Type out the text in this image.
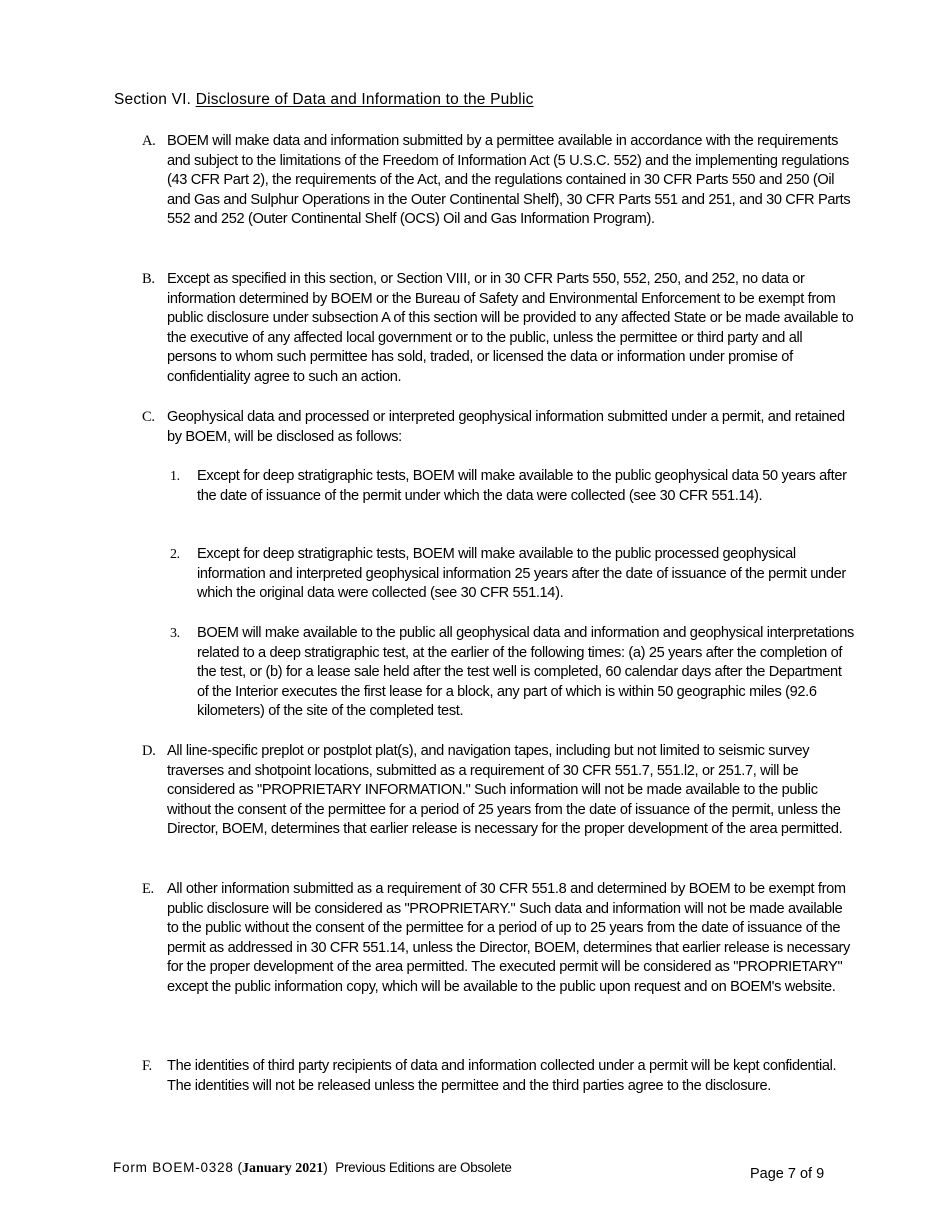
Section VI. Disclosure of Data and Information to the Public
A. BOEM will make data and information submitted by a permittee available in accordance with the requirements and subject to the limitations of the Freedom of Information Act (5 U.S.C. 552) and the implementing regulations (43 CFR Part 2), the requirements of the Act, and the regulations contained in 30 CFR Parts 550 and 250 (Oil and Gas and Sulphur Operations in the Outer Continental Shelf), 30 CFR Parts 551 and 251, and 30 CFR Parts 552 and 252 (Outer Continental Shelf (OCS) Oil and Gas Information Program).
B. Except as specified in this section, or Section VIII, or in 30 CFR Parts 550, 552, 250, and 252, no data or information determined by BOEM or the Bureau of Safety and Environmental Enforcement to be exempt from public disclosure under subsection A of this section will be provided to any affected State or be made available to the executive of any affected local government or to the public, unless the permittee or third party and all persons to whom such permittee has sold, traded, or licensed the data or information under promise of confidentiality agree to such an action.
C. Geophysical data and processed or interpreted geophysical information submitted under a permit, and retained by BOEM, will be disclosed as follows:
1. Except for deep stratigraphic tests, BOEM will make available to the public geophysical data 50 years after the date of issuance of the permit under which the data were collected (see 30 CFR 551.14).
2. Except for deep stratigraphic tests, BOEM will make available to the public processed geophysical information and interpreted geophysical information 25 years after the date of issuance of the permit under which the original data were collected (see 30 CFR 551.14).
3. BOEM will make available to the public all geophysical data and information and geophysical interpretations related to a deep stratigraphic test, at the earlier of the following times: (a) 25 years after the completion of the test, or (b) for a lease sale held after the test well is completed, 60 calendar days after the Department of the Interior executes the first lease for a block, any part of which is within 50 geographic miles (92.6 kilometers) of the site of the completed test.
D. All line-specific preplot or postplot plat(s), and navigation tapes, including but not limited to seismic survey traverses and shotpoint locations, submitted as a requirement of 30 CFR 551.7, 551.l2, or 251.7, will be considered as "PROPRIETARY INFORMATION." Such information will not be made available to the public without the consent of the permittee for a period of 25 years from the date of issuance of the permit, unless the Director, BOEM, determines that earlier release is necessary for the proper development of the area permitted.
E. All other information submitted as a requirement of 30 CFR 551.8 and determined by BOEM to be exempt from public disclosure will be considered as "PROPRIETARY." Such data and information will not be made available to the public without the consent of the permittee for a period of up to 25 years from the date of issuance of the permit as addressed in 30 CFR 551.14, unless the Director, BOEM, determines that earlier release is necessary for the proper development of the area permitted. The executed permit will be considered as "PROPRIETARY" except the public information copy, which will be available to the public upon request and on BOEM's website.
F. The identities of third party recipients of data and information collected under a permit will be kept confidential. The identities will not be released unless the permittee and the third parties agree to the disclosure.
Form BOEM-0328 (January 2021)  Previous Editions are Obsolete	Page 7 of 9
